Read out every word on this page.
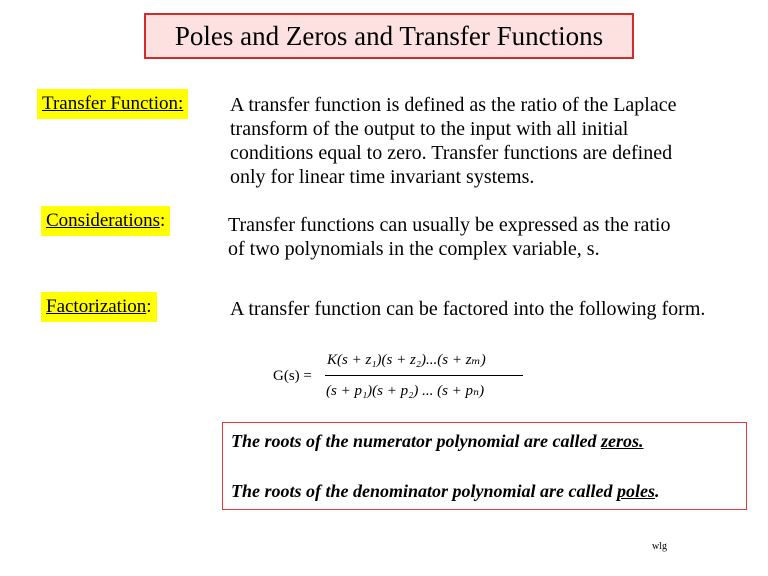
Poles and Zeros and Transfer Functions
Transfer Function: A transfer function is defined as the ratio of the Laplace
transform of the output to the input with all initial
conditions equal to zero. Transfer functions are defined
only for linear time invariant systems.
Considerations:	Transfer functions can usually be expressed as the ratio
of two polynomials in the complex variable, s.
Factorization:	A transfer function can be factored into the following form.
G(s) =
K(s + z₁)(s + z₂)...(s + zₘ)
(s + p₁)(s + p₂) ... (s + pₙ)
The roots of the numerator polynomial are called zeros.
The roots of the denominator polynomial are called poles.
wlg
